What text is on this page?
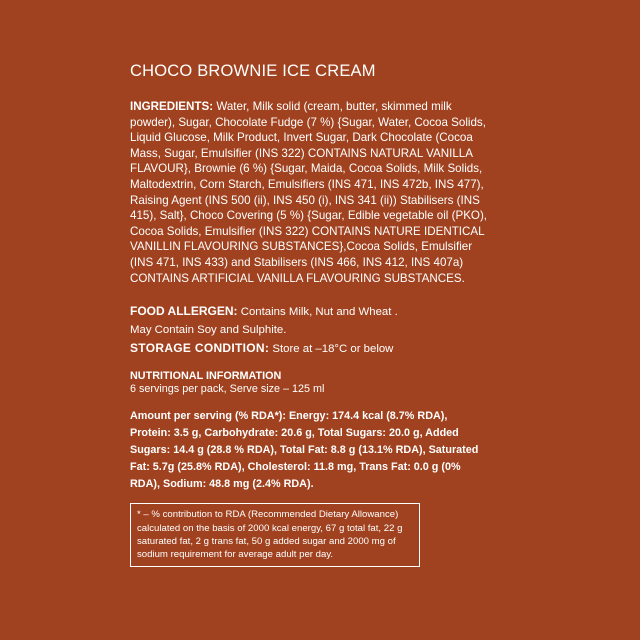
CHOCO BROWNIE ICE CREAM

INGREDIENTS: Water, Milk solid (cream, butter, skimmed milk powder), Sugar, Chocolate Fudge (7 %) {Sugar, Water, Cocoa Solids, Liquid Glucose, Milk Product, Invert Sugar, Dark Chocolate (Cocoa Mass, Sugar, Emulsifier (INS 322) CONTAINS NATURAL VANILLA FLAVOUR}, Brownie (6 %) {Sugar, Maida, Cocoa Solids, Milk Solids, Maltodextrin, Corn Starch, Emulsifiers (INS 471, INS 472b, INS 477), Raising Agent (INS 500 (ii), INS 450 (i), INS 341 (ii)) Stabilisers (INS 415), Salt}, Choco Covering (5 %) {Sugar, Edible vegetable oil (PKO), Cocoa Solids, Emulsifier (INS 322) CONTAINS NATURE IDENTICAL VANILLIN FLAVOURING SUBSTANCES},Cocoa Solids, Emulsifier (INS 471, INS 433) and Stabilisers (INS 466, INS 412, INS 407a) CONTAINS ARTIFICIAL VANILLA FLAVOURING SUBSTANCES.

FOOD ALLERGEN: Contains Milk, Nut and Wheat .

May Contain Soy and Sulphite.

STORAGE CONDITION: Store at –18°C or below

NUTRITIONAL INFORMATION

6 servings per pack, Serve size – 125 ml

Amount per serving (% RDA*): Energy: 174.4 kcal (8.7% RDA), Protein: 3.5 g, Carbohydrate: 20.6 g, Total Sugars: 20.0 g, Added Sugars: 14.4 g (28.8 % RDA), Total Fat: 8.8 g (13.1% RDA), Saturated Fat: 5.7g (25.8% RDA), Cholesterol: 11.8 mg, Trans Fat: 0.0 g (0% RDA), Sodium: 48.8 mg (2.4% RDA).

* – % contribution to RDA (Recommended Dietary Allowance) calculated on the basis of 2000 kcal energy, 67 g total fat, 22 g saturated fat, 2 g trans fat, 50 g added sugar and 2000 mg of sodium requirement for average adult per day.
